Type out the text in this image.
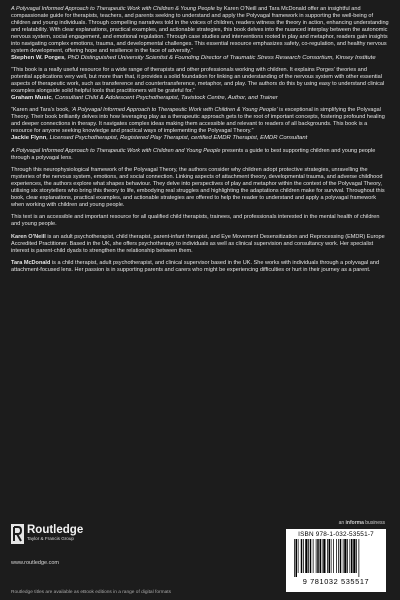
A Polyvagal Informed Approach to Therapeutic Work with Children & Young People by Karen O’Neill and Tara McDonald offer an insightful and compassionate guide for therapists, teachers, and parents seeking to understand and apply the Polyvagal framework in supporting the well-being of children and young individuals. Through compelling narratives told in the voices of children, readers witness the theory in action, enhancing understanding and relatability. With clear explanations, practical examples, and actionable strategies, this book delves into the nuanced interplay between the autonomic nervous system, social engagement, and emotional regulation. Through case studies and interventions rooted in play and metaphor, readers gain insights into navigating complex emotions, trauma, and developmental challenges. This essential resource emphasizes safety, co-regulation, and healthy nervous system development, offering hope and resilience in the face of adversity.”
Stephen W. Porges, PhD Distinguished University Scientist & Founding Director of Traumatic Stress Research Consortium, Kinsey Institute
“This book is a really useful resource for a wide range of therapists and other professionals working with children. It explains Porges’ theories and potential applications very well, but more than that, it provides a solid foundation for linking an understanding of the nervous system with other essential aspects of therapeutic work, such as transference and countertransference, metaphor, and play. The authors do this by using easy to understand clinical examples alongside solid helpful tools that practitioners will be grateful for.”
Graham Music, Consultant Child & Adolescent Psychotherapist, Tavistock Centre, Author, and Trainer
“Karen and Tara’s book, ‘A Polyvagal Informed Approach to Therapeutic Work with Children & Young People’ is exceptional in simplifying the Polyvagal Theory. Their book brilliantly delves into how leveraging play as a therapeutic approach gets to the root of important concepts, fostering profound healing and deeper connections in therapy. It navigates complex ideas making them accessible and relevant to readers of all backgrounds. This book is a resource for anyone seeking knowledge and practical ways of implementing the Polyvagal Theory.”
Jackie Flynn, Licensed Psychotherapist, Registered Play Therapist, certified EMDR Therapist, EMDR Consultant
A Polyvagal Informed Approach to Therapeutic Work with Children and Young People presents a guide to best supporting children and young people through a polyvagal lens.
Through this neurophysiological framework of the Polyvagal Theory, the authors consider why children adopt protective strategies, unravelling the mysteries of the nervous system, emotions, and social connection. Linking aspects of attachment theory, developmental trauma, and adverse childhood experiences, the authors explore what shapes behaviour. They delve into perspectives of play and metaphor within the context of the Polyvagal Theory, utilising six storytellers who bring this theory to life, embodying real struggles and highlighting the adaptations children make for survival. Throughout this book, clear explanations, practical examples, and actionable strategies are offered to help the reader to understand and apply a polyvagal framework when working with children and young people.
This text is an accessible and important resource for all qualified child therapists, trainees, and professionals interested in the mental health of children and young people.
Karen O’Neill is an adult psychotherapist, child therapist, parent-infant therapist, and Eye Movement Desensitization and Reprocessing (EMDR) Europe Accredited Practitioner. Based in the UK, she offers psychotherapy to individuals as well as clinical supervision and consultancy work. Her specialist interest is parent-child dyads to strengthen the relationship between them.
Tara McDonald is a child therapist, adult psychotherapist, and clinical supervisor based in the UK. She works with individuals through a polyvagal and attachment-focused lens. Her passion is in supporting parents and carers who might be experiencing difficulties or hurt in their journey as a parent.
Routledge
Taylor & Francis Group
www.routledge.com
Routledge titles are available as eBook editions in a range of digital formats
an informa business
ISBN 978-1-032-53551-7
9 781032 535517
